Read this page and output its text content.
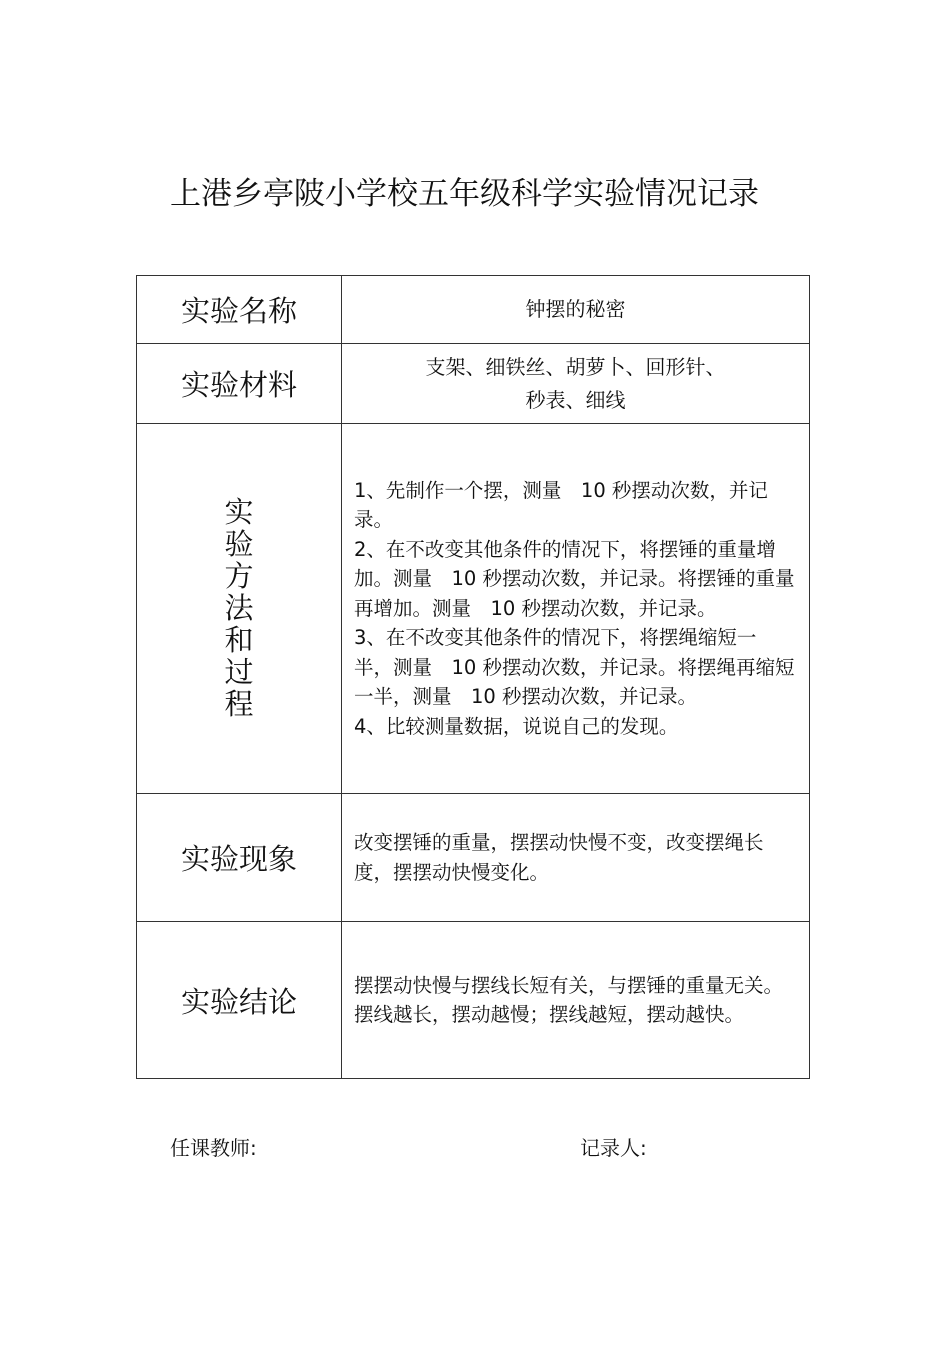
上港乡亭陂小学校五年级科学实验情况记录
实验名称	钟摆的秘密
实验材料	支架、细铁丝、胡萝卜、回形针、
秒表、细线

实验方法和过程	1、先制作一个摆，测量　10 秒摆动次数，并记录。
2、在不改变其他条件的情况下，将摆锤的重量增加。测量　10 秒摆动次数，并记录。将摆锤的重量再增加。测量　10 秒摆动次数，并记录。
3、在不改变其他条件的情况下，将摆绳缩短一半，测量　10 秒摆动次数，并记录。将摆绳再缩短一半，测量　10 秒摆动次数，并记录。
4、比较测量数据，说说自己的发现。

实验现象	改变摆锤的重量，摆摆动快慢不变，改变摆绳长度，摆摆动快慢变化。
实验结论	摆摆动快慢与摆线长短有关，与摆锤的重量无关。摆线越长，摆动越慢；摆线越短，摆动越快。
任课教师:	记录人:
